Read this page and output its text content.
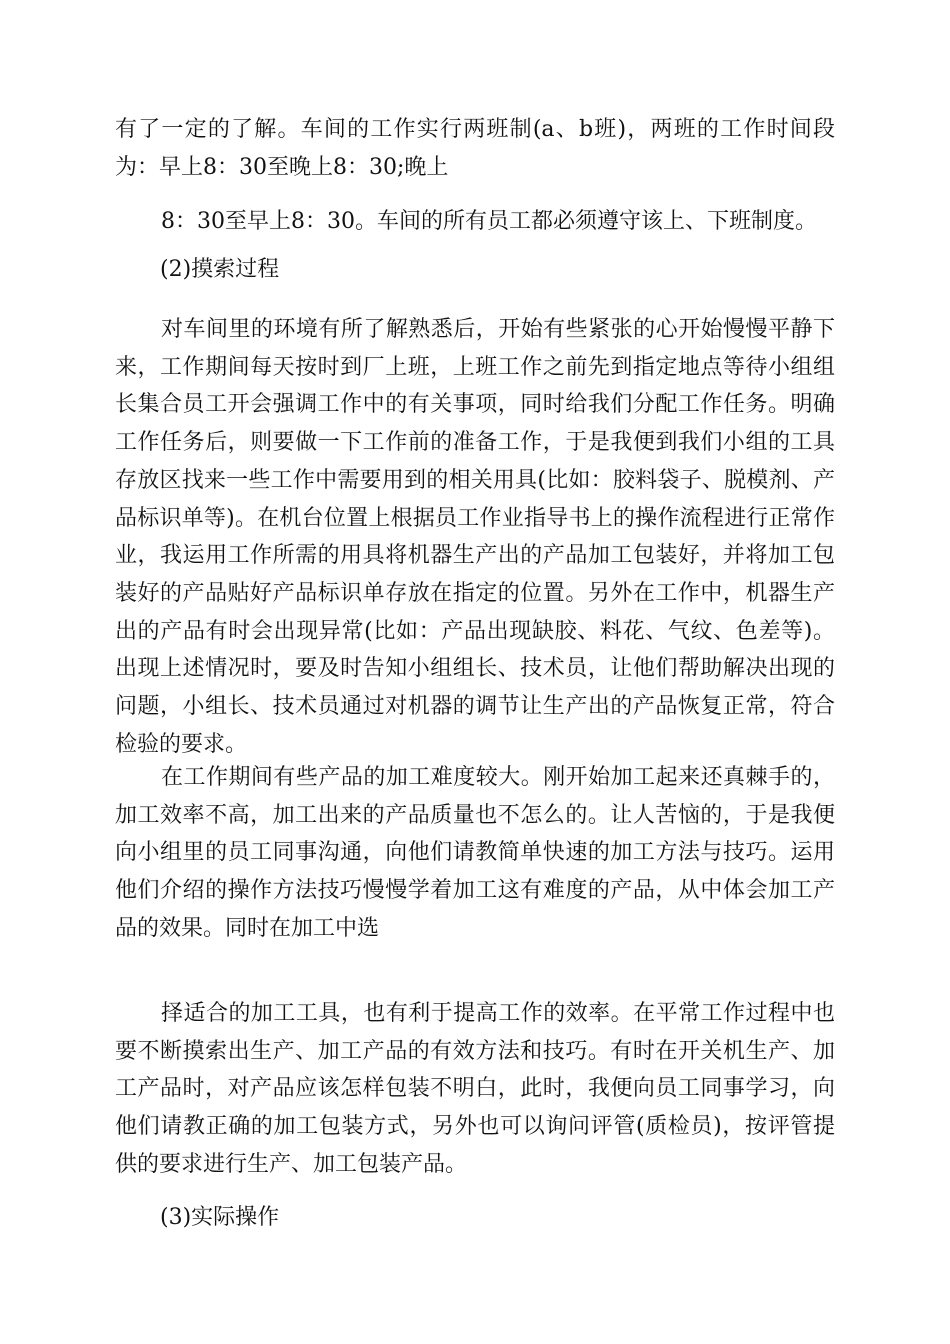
有了一定的了解。车间的工作实行两班制(a、b班)，两班的工作时间段为：早上8：30至晚上8：30;晚上

8：30至早上8：30。车间的所有员工都必须遵守该上、下班制度。

(2)摸索过程

对车间里的环境有所了解熟悉后，开始有些紧张的心开始慢慢平静下来，工作期间每天按时到厂上班，上班工作之前先到指定地点等待小组组长集合员工开会强调工作中的有关事项，同时给我们分配工作任务。明确工作任务后，则要做一下工作前的准备工作，于是我便到我们小组的工具存放区找来一些工作中需要用到的相关用具(比如：胶料袋子、脱模剂、产品标识单等)。在机台位置上根据员工作业指导书上的操作流程进行正常作业，我运用工作所需的用具将机器生产出的产品加工包装好，并将加工包装好的产品贴好产品标识单存放在指定的位置。另外在工作中，机器生产出的产品有时会出现异常(比如：产品出现缺胶、料花、气纹、色差等)。出现上述情况时，要及时告知小组组长、技术员，让他们帮助解决出现的问题，小组长、技术员通过对机器的调节让生产出的产品恢复正常，符合检验的要求。

在工作期间有些产品的加工难度较大。刚开始加工起来还真棘手的，加工效率不高，加工出来的产品质量也不怎么的。让人苦恼的，于是我便向小组里的员工同事沟通，向他们请教简单快速的加工方法与技巧。运用他们介绍的操作方法技巧慢慢学着加工这有难度的产品，从中体会加工产品的效果。同时在加工中选

择适合的加工工具，也有利于提高工作的效率。在平常工作过程中也要不断摸索出生产、加工产品的有效方法和技巧。有时在开关机生产、加工产品时，对产品应该怎样包装不明白，此时，我便向员工同事学习，向他们请教正确的加工包装方式，另外也可以询问评管(质检员)，按评管提供的要求进行生产、加工包装产品。

(3)实际操作
